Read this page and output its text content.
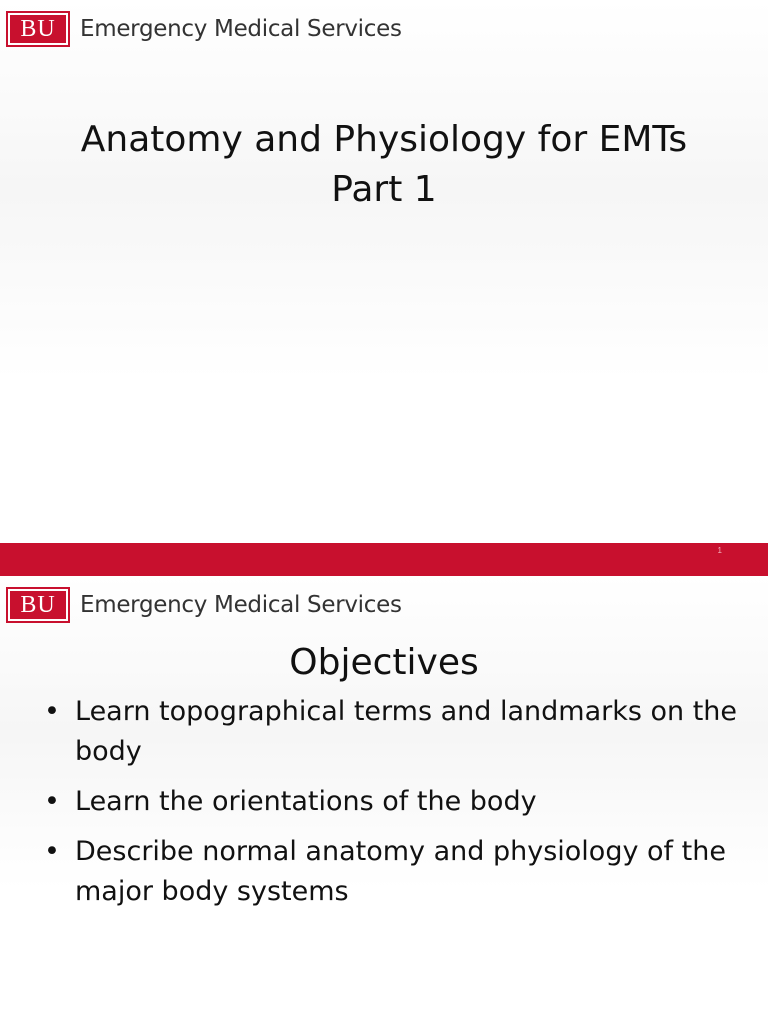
BU Emergency Medical Services
Anatomy and Physiology for EMTs
Part 1
1
BU Emergency Medical Services
Objectives
• Learn topographical terms and landmarks on the body
• Learn the orientations of the body
• Describe normal anatomy and physiology of the major body systems
